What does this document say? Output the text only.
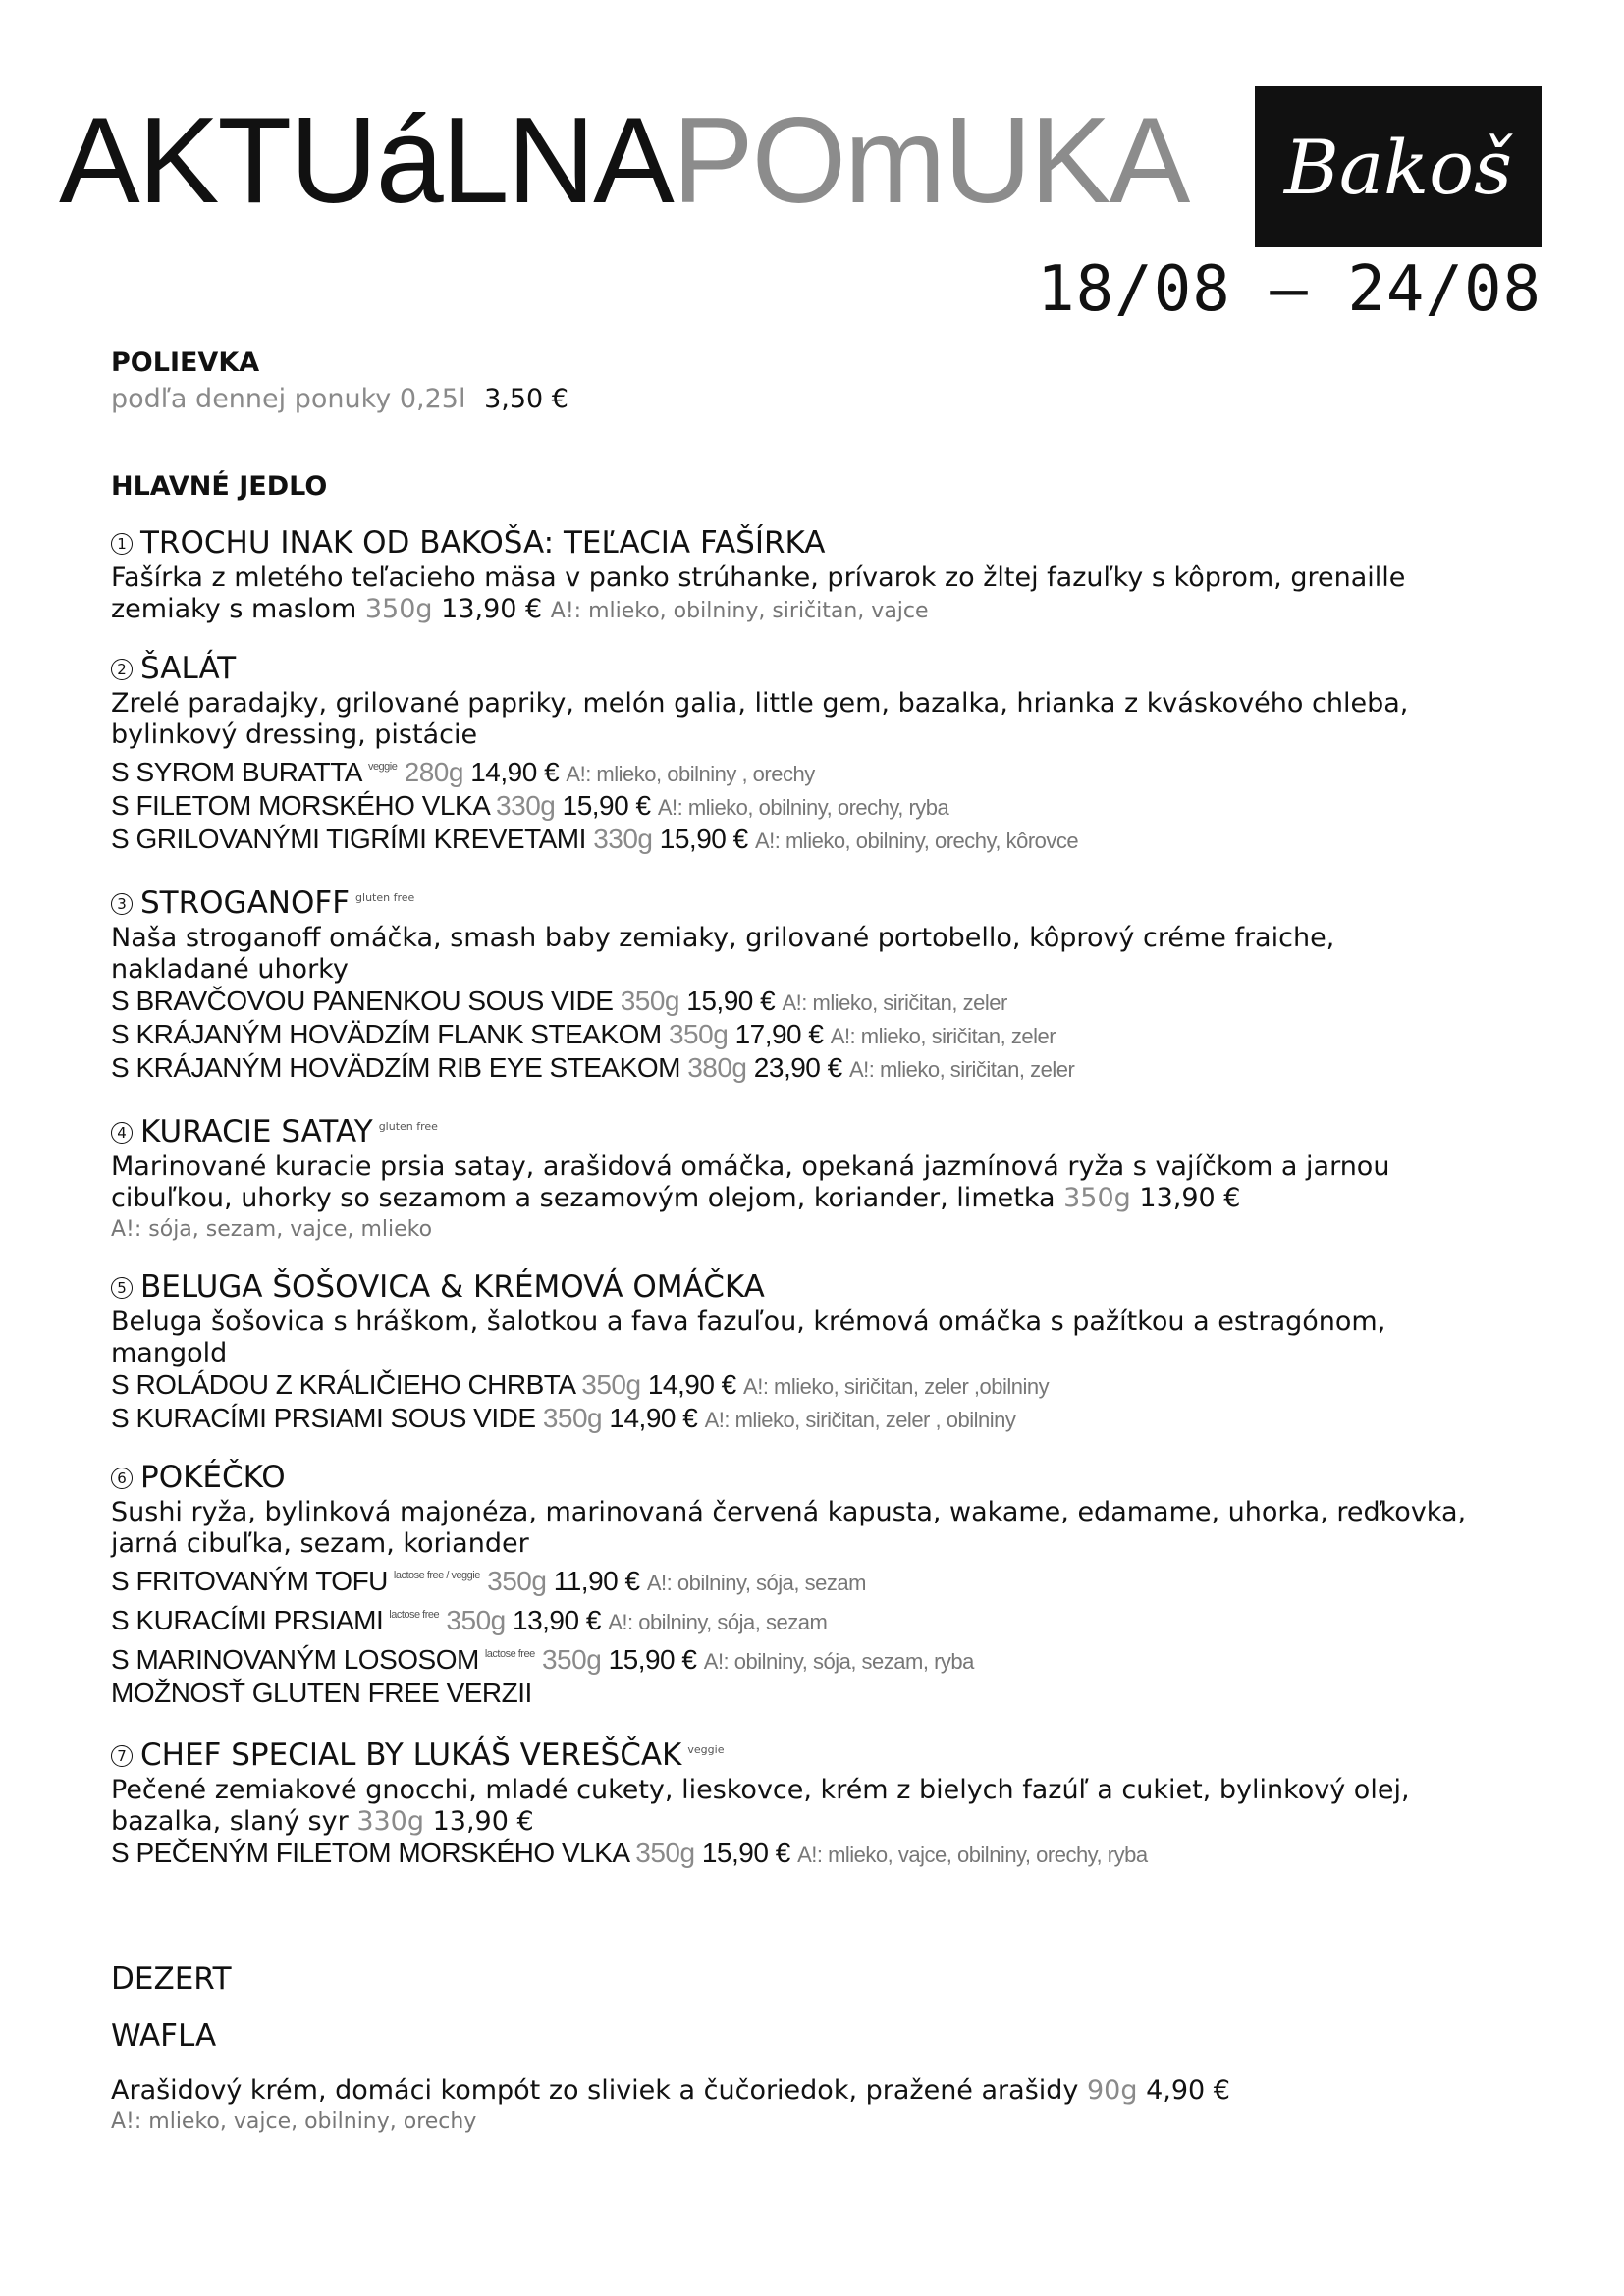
AKTUáLNAPOmUKA	Bakoš
18/08 – 24/08
POLIEVKA
podľa dennej ponuky 0,25l 3,50 €
HLAVNÉ JEDLO
1 TROCHU INAK OD BAKOŠA: TEĽACIA FAŠÍRKA
Fašírka z mletého teľacieho mäsa v panko strúhanke, prívarok zo žltej fazuľky s kôprom, grenaille
zemiaky s maslom 350g 13,90 € A!: mlieko, obilniny, siričitan, vajce
2 ŠALÁT
Zrelé paradajky, grilované papriky, melón galia, little gem, bazalka, hrianka z kváskového chleba,
bylinkový dressing, pistácie
S SYROM BURATTA $^{veggie}$ 280g 14,90 € A!: mlieko, obilniny , orechy
S FILETOM MORSKÉHO VLKA 330g 15,90 € A!: mlieko, obilniny, orechy, ryba
S GRILOVANÝMI TIGRÍMI KREVETAMI 330g 15,90 € A!: mlieko, obilniny, orechy, kôrovce
3 STROGANOFF $^{gluten free}$
Naša stroganoff omáčka, smash baby zemiaky, grilované portobello, kôprový créme fraiche,
nakladané uhorky
S BRAVČOVOU PANENKOU SOUS VIDE 350g 15,90 € A!: mlieko, siričitan, zeler
S KRÁJANÝM HOVÄDZÍM FLANK STEAKOM 350g 17,90 € A!: mlieko, siričitan, zeler
S KRÁJANÝM HOVÄDZÍM RIB EYE STEAKOM 380g 23,90 € A!: mlieko, siričitan, zeler
4 KURACIE SATAY $^{gluten free}$
Marinované kuracie prsia satay, arašidová omáčka, opekaná jazmínová ryža s vajíčkom a jarnou
cibuľkou, uhorky so sezamom a sezamovým olejom, koriander, limetka 350g 13,90 €
A!: sója, sezam, vajce, mlieko
5 BELUGA ŠOŠOVICA & KRÉMOVÁ OMÁČKA
Beluga šošovica s hráškom, šalotkou a fava fazuľou, krémová omáčka s pažítkou a estragónom,
mangold
S ROLÁDOU Z KRÁLIČIEHO CHRBTA 350g 14,90 € A!: mlieko, siričitan, zeler ,obilniny
S KURACÍMI PRSIAMI SOUS VIDE 350g 14,90 € A!: mlieko, siričitan, zeler , obilniny
6 POKÉČKO
Sushi ryža, bylinková majonéza, marinovaná červená kapusta, wakame, edamame, uhorka, reďkovka,
jarná cibuľka, sezam, koriander
S FRITOVANÝM TOFU $^{lactose free / veggie}$ 350g 11,90 € A!: obilniny, sója, sezam
S KURACÍMI PRSIAMI $^{lactose free}$ 350g 13,90 € A!: obilniny, sója, sezam
S MARINOVANÝM LOSOSOM $^{lactose free}$ 350g 15,90 € A!: obilniny, sója, sezam, ryba
MOŽNOSŤ GLUTEN FREE VERZII
7 CHEF SPECIAL BY LUKÁŠ VEREŠČAK $^{veggie}$
Pečené zemiakové gnocchi, mladé cukety, lieskovce, krém z bielych fazúľ a cukiet, bylinkový olej,
bazalka, slaný syr 330g 13,90 €
S PEČENÝM FILETOM MORSKÉHO VLKA 350g 15,90 € A!: mlieko, vajce, obilniny, orechy, ryba
DEZERT
WAFLA
Arašidový krém, domáci kompót zo sliviek a čučoriedok, pražené arašidy 90g 4,90 €
A!: mlieko, vajce, obilniny, orechy
